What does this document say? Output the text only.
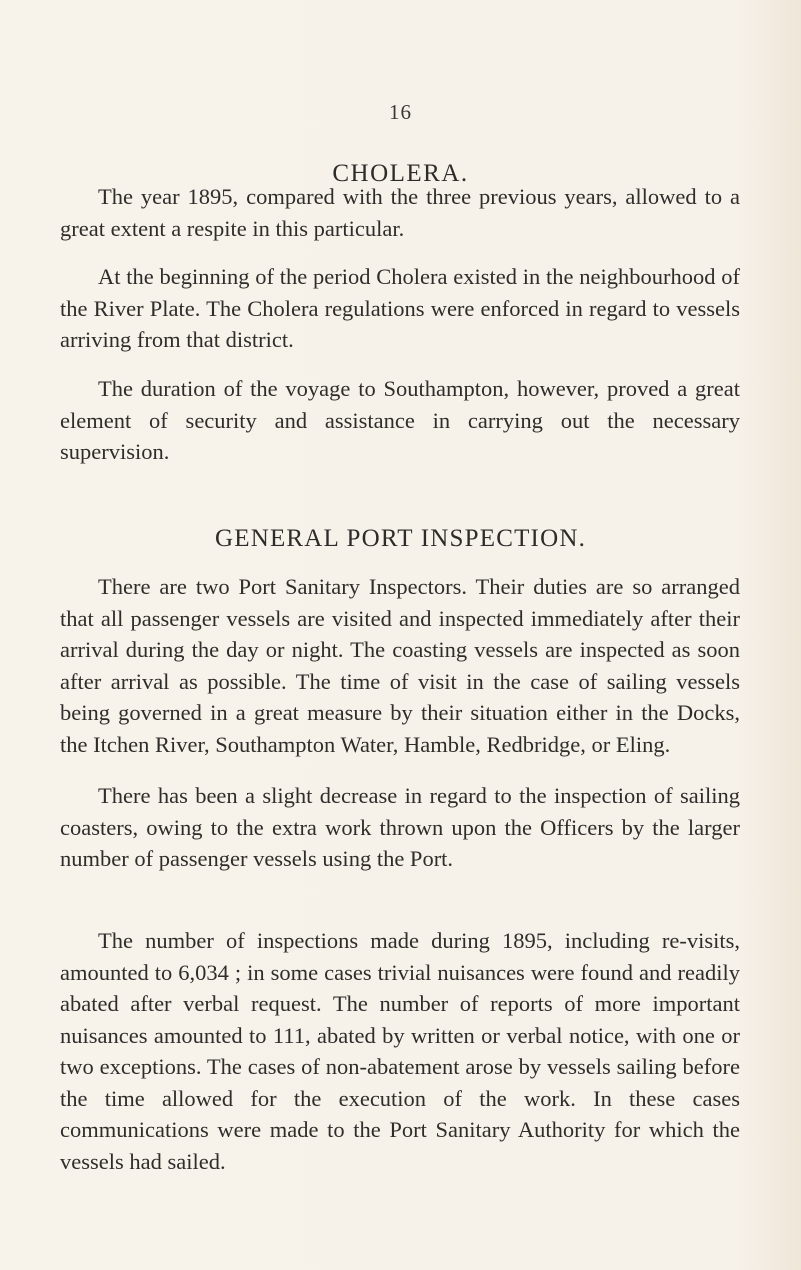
16
CHOLERA.

The year 1895, compared with the three previous years, allowed to a great extent a respite in this particular.

At the beginning of the period Cholera existed in the neighbourhood of the River Plate. The Cholera regulations were enforced in regard to vessels arriving from that district.

The duration of the voyage to Southampton, however, proved a great element of security and assistance in carrying out the necessary supervision.

GENERAL PORT INSPECTION.

There are two Port Sanitary Inspectors. Their duties are so arranged that all passenger vessels are visited and inspected immediately after their arrival during the day or night. The coasting vessels are inspected as soon after arrival as possible. The time of visit in the case of sailing vessels being governed in a great measure by their situation either in the Docks, the Itchen River, Southampton Water, Hamble, Redbridge, or Eling.

There has been a slight decrease in regard to the inspection of sailing coasters, owing to the extra work thrown upon the Officers by the larger number of passenger vessels using the Port.

The number of inspections made during 1895, including re-visits, amounted to 6,034 ; in some cases trivial nuisances were found and readily abated after verbal request. The number of reports of more important nuisances amounted to 111, abated by written or verbal notice, with one or two exceptions. The cases of non-abatement arose by vessels sailing before the time allowed for the execution of the work. In these cases communications were made to the Port Sanitary Authority for which the vessels had sailed.
